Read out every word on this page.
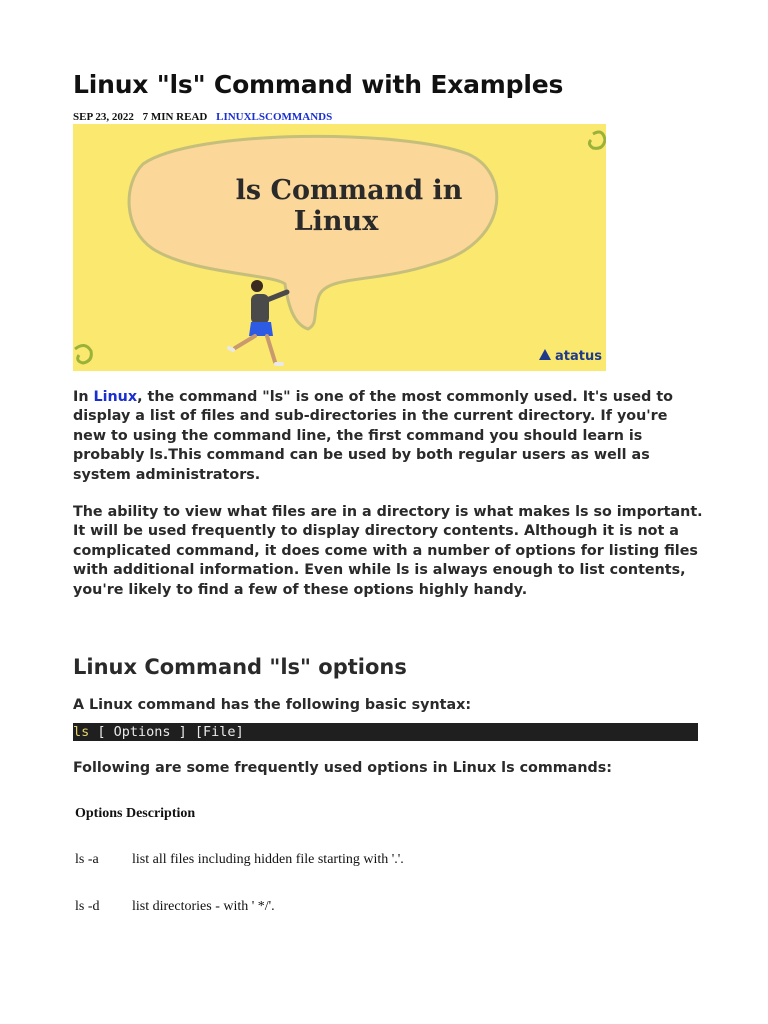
Linux "ls" Command with Examples
SEP 23, 2022 7 MIN READ LINUXLSCOMMANDS
ls Command in
Linux
atatus

In Linux, the command "ls" is one of the most commonly used. It's used to display a list of files and sub-directories in the current directory. If you're new to using the command line, the first command you should learn is probably ls.This command can be used by both regular users as well as system administrators.

The ability to view what files are in a directory is what makes ls so important. It will be used frequently to display directory contents. Although it is not a complicated command, it does come with a number of options for listing files with additional information. Even while ls is always enough to list contents, you're likely to find a few of these options highly handy.

Linux Command "ls" options

A Linux command has the following basic syntax:

ls [ Options ] [File]

Following are some frequently used options in Linux ls commands:

Options Description
ls -a list all files including hidden file starting with '.'.
ls -d list directories - with ' */'.
